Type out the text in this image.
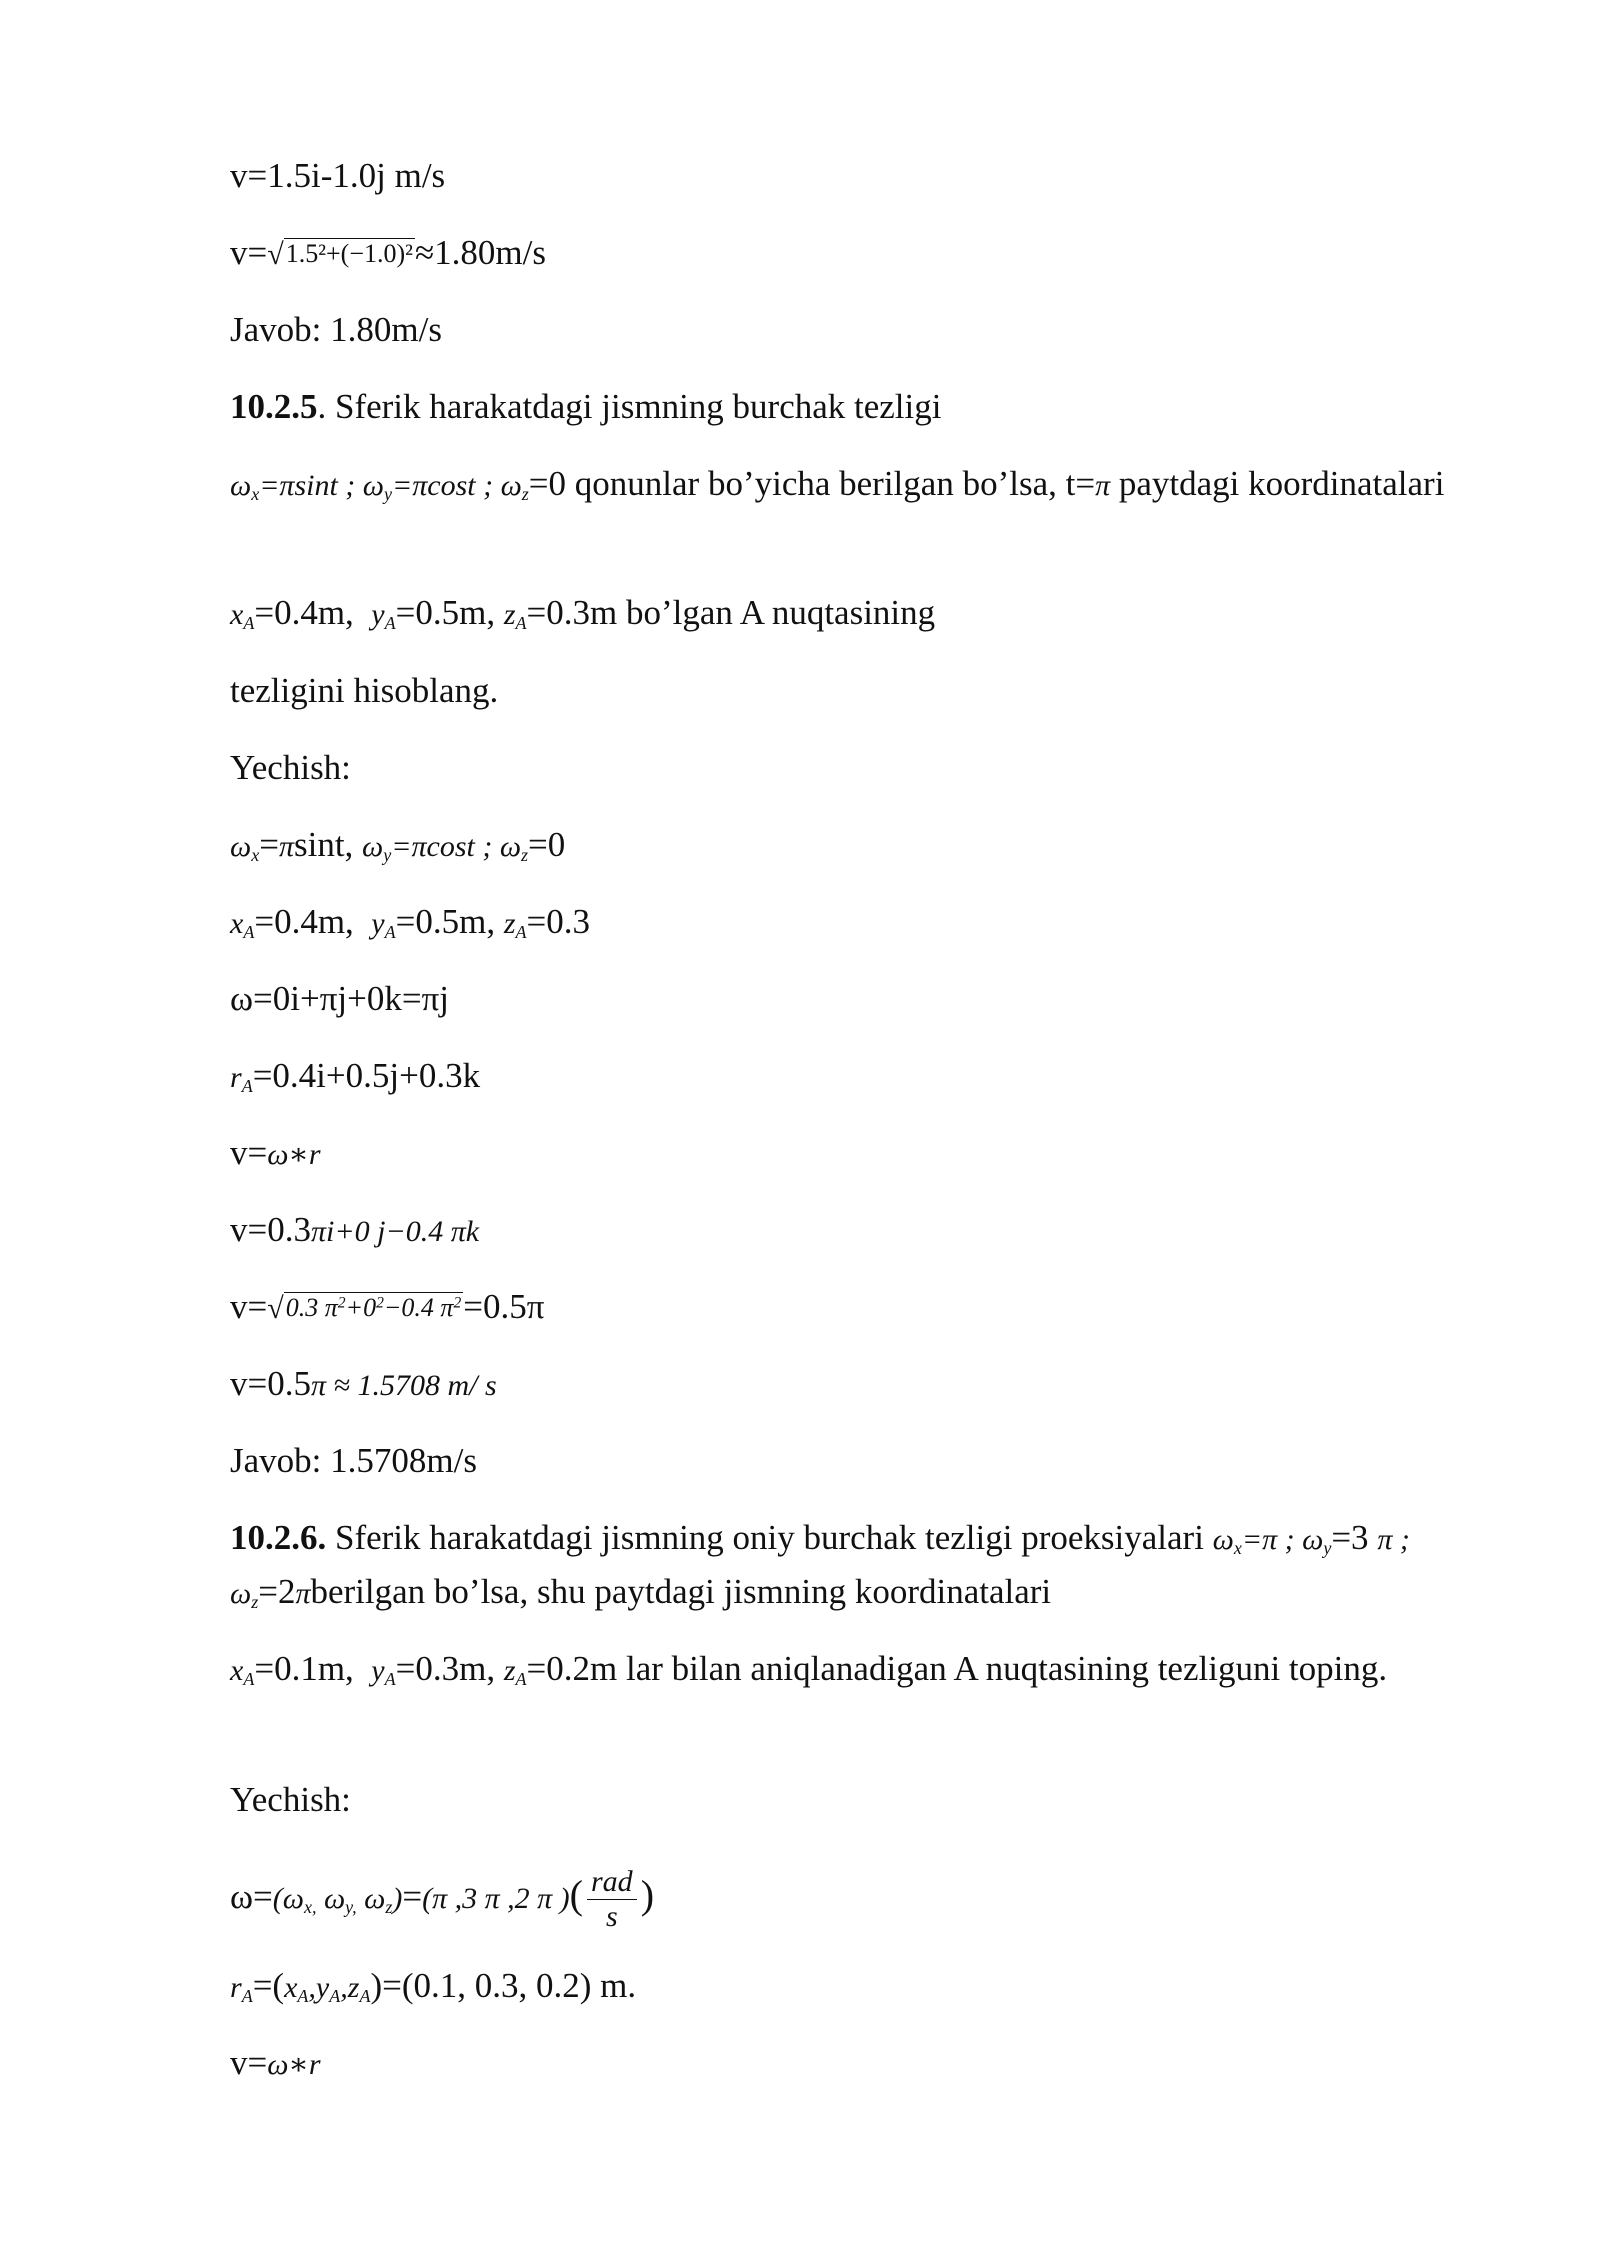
v=1.5i-1.0j m/s
v=√1.5²+(−1.0)²≈1.80m/s
Javob: 1.80m/s
10.2.5. Sferik harakatdagi jismning burchak tezligi
$\omega_x=\pi\sin t$ ; $\omega_y=\pi\cos t$ ; $\omega_z=0$ qonunlar bo’yicha berilgan bo’lsa, t=π paytdagi koordinatalari
$x_A=0.4m$,  $y_A=0.5m$, $z_A=0.3m$ bo’lgan A nuqtasining
tezligini hisoblang.
Yechish:
$\omega_x=\pi\sin t$, $\omega_y=\pi\cos t$ ; $\omega_z=0$
$x_A=0.4m$,  $y_A=0.5m$, $z_A=0.3$
ω=0i+πj+0k=πj
$r_A=0.4i+0.5j+0.3k$
v=ω∗r
v=0.3πi+0 j−0.4 πk
v=√0.3 $\pi^2+0^2-0.4$ $\pi^2=0.5\pi$
v=0.5π ≈ 1.5708 m/ s
Javob: 1.5708m/s
10.2.6. Sferik harakatdagi jismning oniy burchak tezligi proeksiyalari $\omega_x=\pi$ ; $\omega_y=3$ π ; $\omega_z=2\pi berilgan$ bo’lsa, shu paytdagi jismning koordinatalari
$x_A=0.1m$,  $y_A=0.3m$, $z_A=0.2m$ lar bilan aniqlanadigan A nuqtasining tezliguni toping.
Yechish:
$\omega=(\omega_{x,}$ $\omega_{y,}$ $\omega_z)=(\pi$ ,3 π ,2 π )( $\frac{\text{rad}}{s}$ )
$r_A=(x_A,y_A,z_A)=(0.1$, 0.3, 0.2) m.
v=ω∗r
